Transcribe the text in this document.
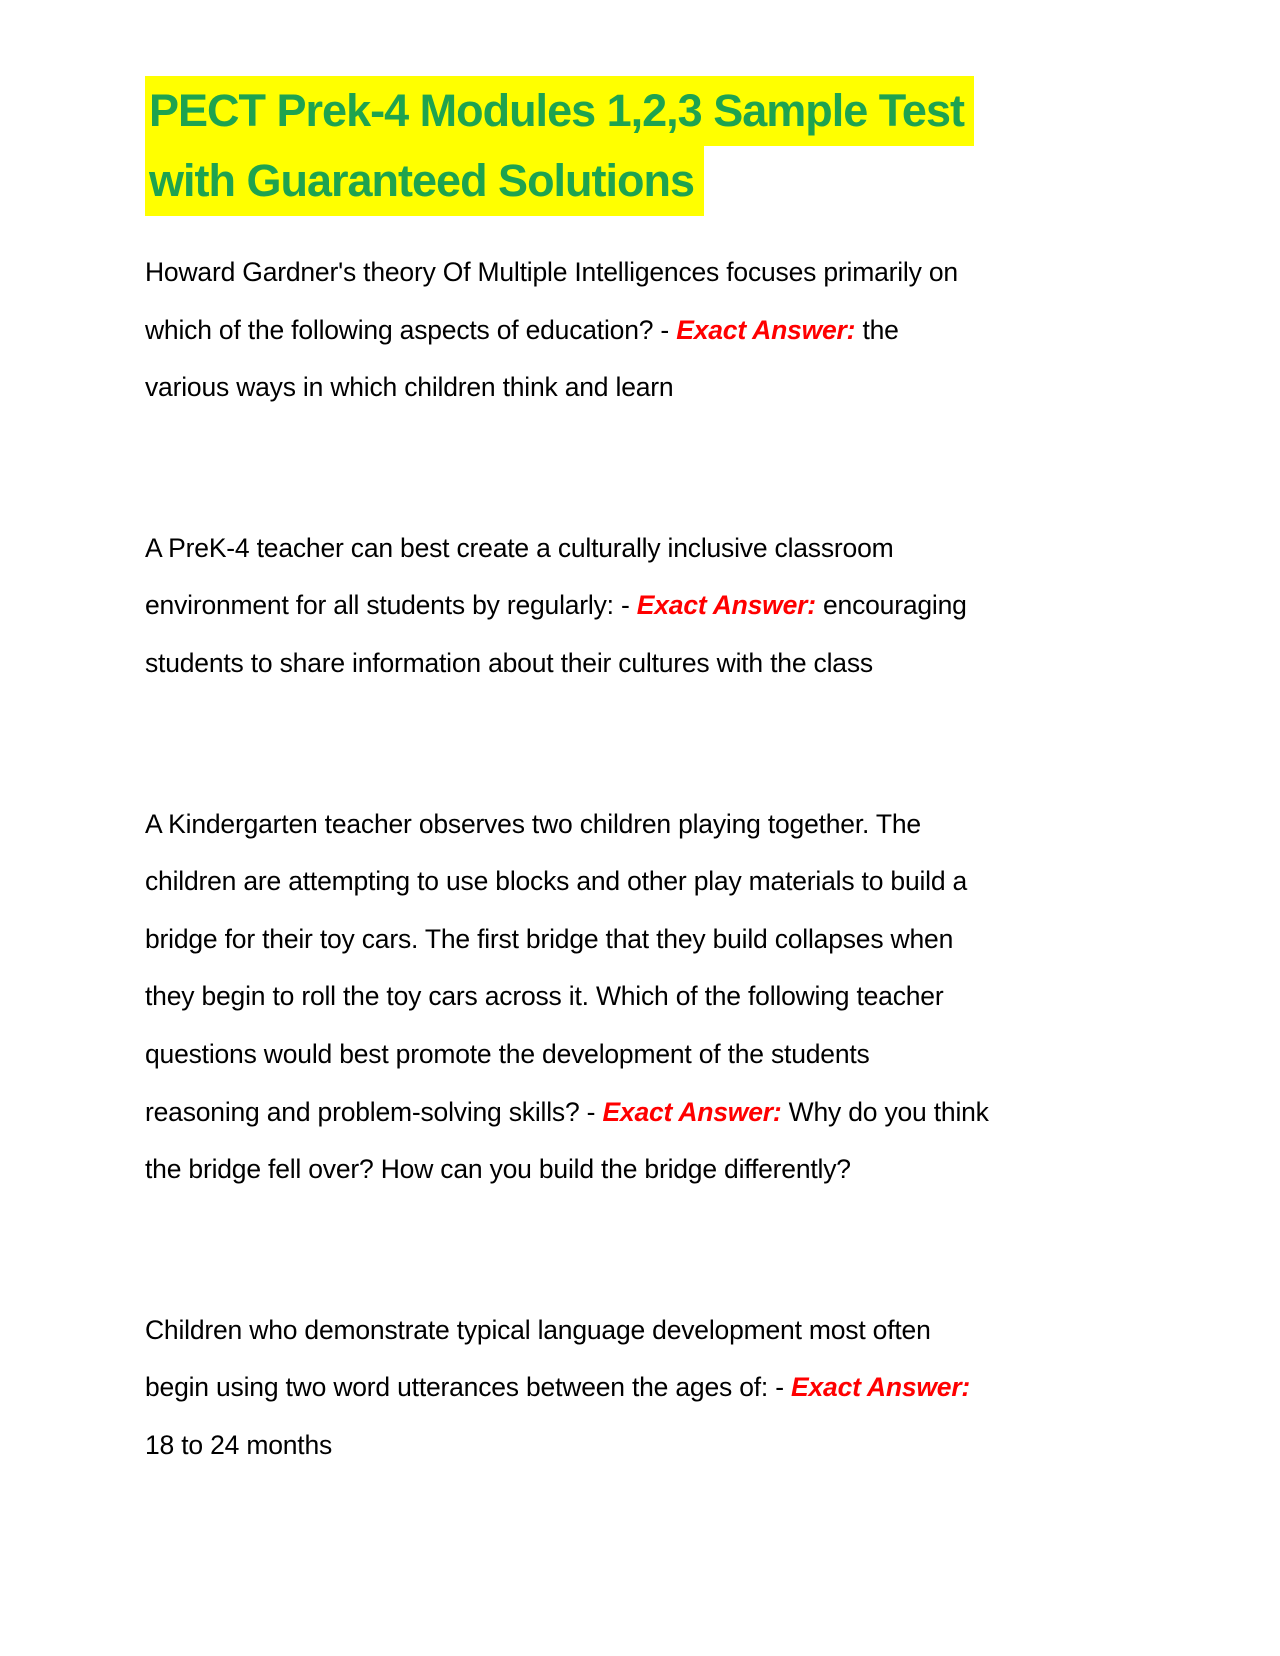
PECT Prek-4 Modules 1,2,3 Sample Test
with Guaranteed Solutions

Howard Gardner's theory Of Multiple Intelligences focuses primarily on
which of the following aspects of education? - Exact Answer: the
various ways in which children think and learn

A PreK-4 teacher can best create a culturally inclusive classroom
environment for all students by regularly: - Exact Answer: encouraging
students to share information about their cultures with the class

A Kindergarten teacher observes two children playing together. The
children are attempting to use blocks and other play materials to build a
bridge for their toy cars. The first bridge that they build collapses when
they begin to roll the toy cars across it. Which of the following teacher
questions would best promote the development of the students
reasoning and problem-solving skills? - Exact Answer: Why do you think
the bridge fell over? How can you build the bridge differently?

Children who demonstrate typical language development most often
begin using two word utterances between the ages of: - Exact Answer:
18 to 24 months
